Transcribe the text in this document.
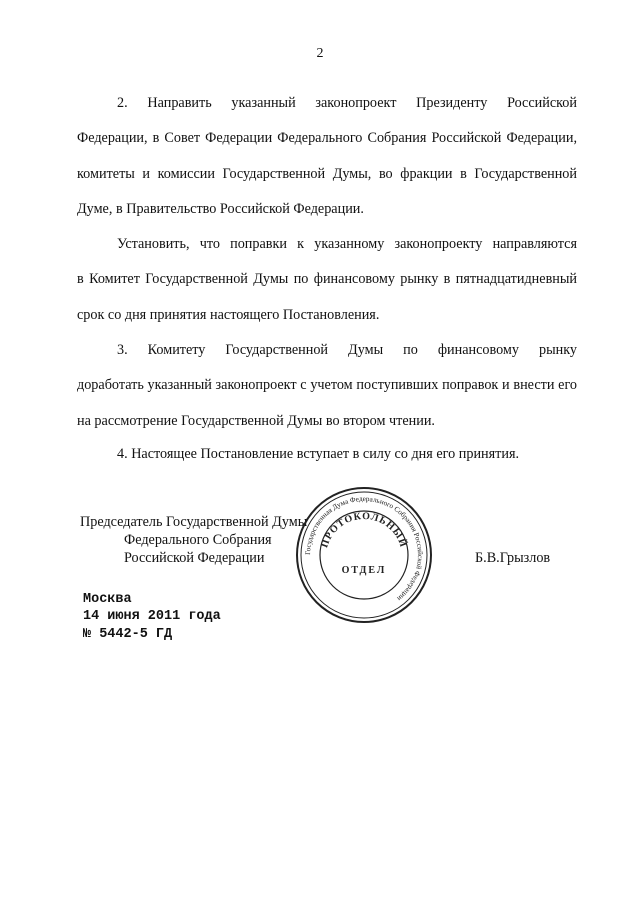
2

2. Направить указанный законопроект Президенту Российской

Федерации, в Совет Федерации Федерального Собрания Российской Федерации, комитеты и комиссии Государственной Думы, во фракции в Государственной Думе, в Правительство Российской Федерации.

Установить, что поправки к указанному законопроекту направляются

в Комитет Государственной Думы по финансовому рынку в пятнадцатидневный срок со дня принятия настоящего Постановления.

3. Комитету Государственной Думы по финансовому рынку

доработать указанный законопроект с учетом поступивших поправок и внести его на рассмотрение Государственной Думы во втором чтении.

4. Настоящее Постановление вступает в силу со дня его принятия.

Председатель Государственной Думы
Федерального Собрания
Российской Федерации	Б.В.Грызлов
Государственная Дума Федерального Собрания Российской Федерации
ПРОТОКОЛЬНЫЙ
ОТДЕЛ
Москва
14 июня 2011 года
№ 5442-5 ГД
